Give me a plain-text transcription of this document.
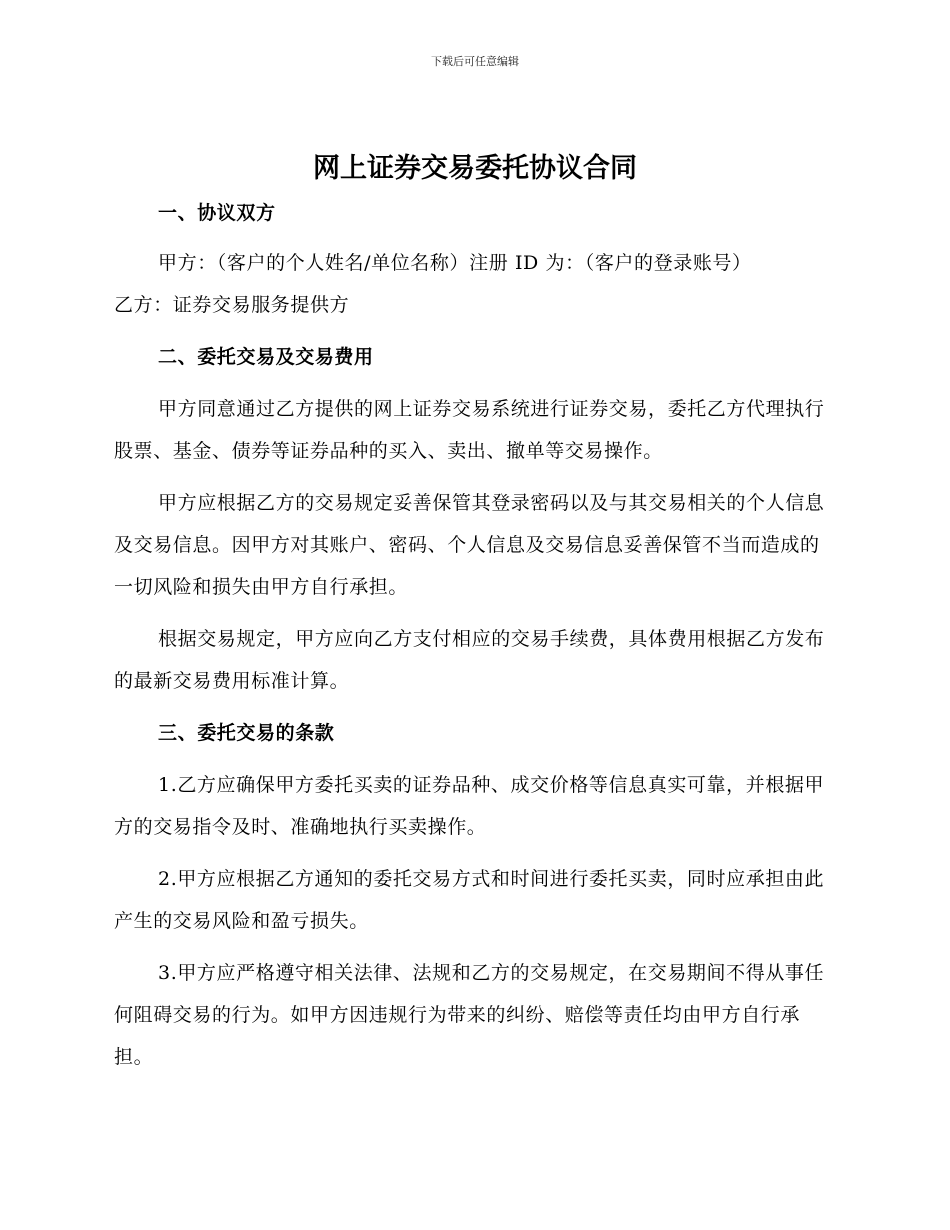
下载后可任意编辑
网上证券交易委托协议合同

一、协议双方

甲方：（客户的个人姓名/单位名称）注册 ID 为：（客户的登录账号）

乙方：证券交易服务提供方

二、委托交易及交易费用

甲方同意通过乙方提供的网上证券交易系统进行证券交易，委托乙方代理执行股票、基金、债券等证券品种的买入、卖出、撤单等交易操作。

甲方应根据乙方的交易规定妥善保管其登录密码以及与其交易相关的个人信息及交易信息。因甲方对其账户、密码、个人信息及交易信息妥善保管不当而造成的一切风险和损失由甲方自行承担。

根据交易规定，甲方应向乙方支付相应的交易手续费，具体费用根据乙方发布的最新交易费用标准计算。

三、委托交易的条款

1.乙方应确保甲方委托买卖的证券品种、成交价格等信息真实可靠，并根据甲方的交易指令及时、准确地执行买卖操作。

2.甲方应根据乙方通知的委托交易方式和时间进行委托买卖，同时应承担由此产生的交易风险和盈亏损失。

3.甲方应严格遵守相关法律、法规和乙方的交易规定，在交易期间不得从事任何阻碍交易的行为。如甲方因违规行为带来的纠纷、赔偿等责任均由甲方自行承担。
